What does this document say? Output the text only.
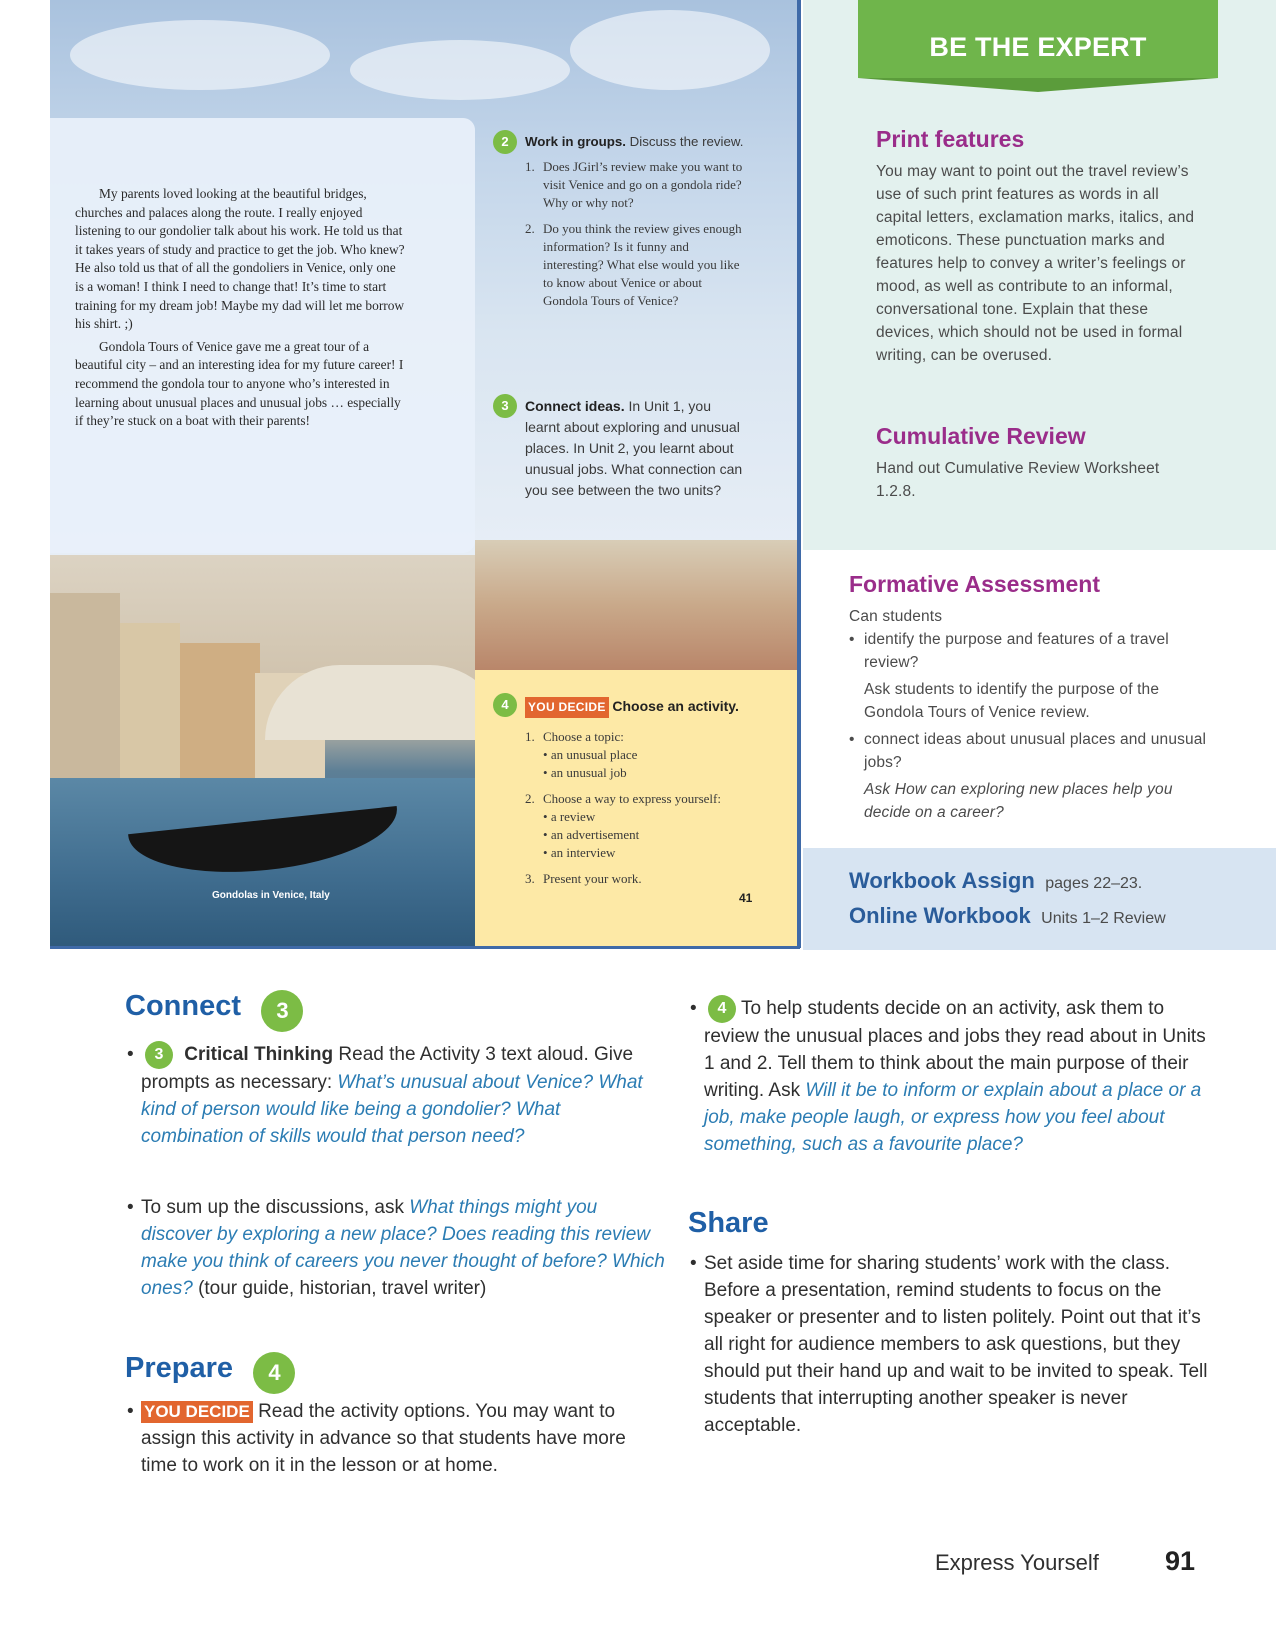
My parents loved looking at the beautiful bridges, churches and palaces along the route. I really enjoyed listening to our gondolier talk about his work. He told us that it takes years of study and practice to get the job. Who knew? He also told us that of all the gondoliers in Venice, only one is a woman! I think I need to change that! It’s time to start training for my dream job! Maybe my dad will let me borrow his shirt. ;)

Gondola Tours of Venice gave me a great tour of a beautiful city – and an interesting idea for my future career! I recommend the gondola tour to anyone who’s interested in learning about unusual places and unusual jobs … especially if they’re stuck on a boat with their parents!

2	Work in groups. Discuss the review.
1. Does JGirl’s review make you want to visit Venice and go on a gondola ride? Why or why not?
2. Do you think the review gives enough information? Is it funny and interesting? What else would you like to know about Venice or about Gondola Tours of Venice?
3	Connect ideas. In Unit 1, you learnt about exploring and unusual places. In Unit 2, you learnt about unusual jobs. What connection can you see between the two units?
4	YOU DECIDE Choose an activity.
1. Choose a topic:
• an unusual place
• an unusual job
2. Choose a way to express yourself:
• a review
• an advertisement
• an interview
3. Present your work.
Gondolas in Venice, Italy	41
BE THE EXPERT
Print features
You may want to point out the travel review’s use of such print features as words in all capital letters, exclamation marks, italics, and emoticons. These punctuation marks and features help to convey a writer’s feelings or mood, as well as contribute to an informal, conversational tone. Explain that these devices, which should not be used in formal writing, can be overused.
Cumulative Review
Hand out Cumulative Review Worksheet 1.2.8.
Formative Assessment
Can students
• identify the purpose and features of a travel review?
Ask students to identify the purpose of the Gondola Tours of Venice review.
• connect ideas about unusual places and unusual jobs?
Ask How can exploring new places help you decide on a career?
Workbook Assign pages 22–23.
Online Workbook Units 1–2 Review
Connect 3
• 3 Critical Thinking Read the Activity 3 text aloud. Give prompts as necessary: What’s unusual about Venice? What kind of person would like being a gondolier? What combination of skills would that person need?
• To sum up the discussions, ask What things might you discover by exploring a new place? Does reading this review make you think of careers you never thought of before? Which ones? (tour guide, historian, travel writer)
Prepare 4
• YOU DECIDE Read the activity options. You may want to assign this activity in advance so that students have more time to work on it in the lesson or at home.
• 4 To help students decide on an activity, ask them to review the unusual places and jobs they read about in Units 1 and 2. Tell them to think about the main purpose of their writing. Ask Will it be to inform or explain about a place or a job, make people laugh, or express how you feel about something, such as a favourite place?
Share
• Set aside time for sharing students’ work with the class. Before a presentation, remind students to focus on the speaker or presenter and to listen politely. Point out that it’s all right for audience members to ask questions, but they should put their hand up and wait to be invited to speak. Tell students that interrupting another speaker is never acceptable.
Express Yourself 91
